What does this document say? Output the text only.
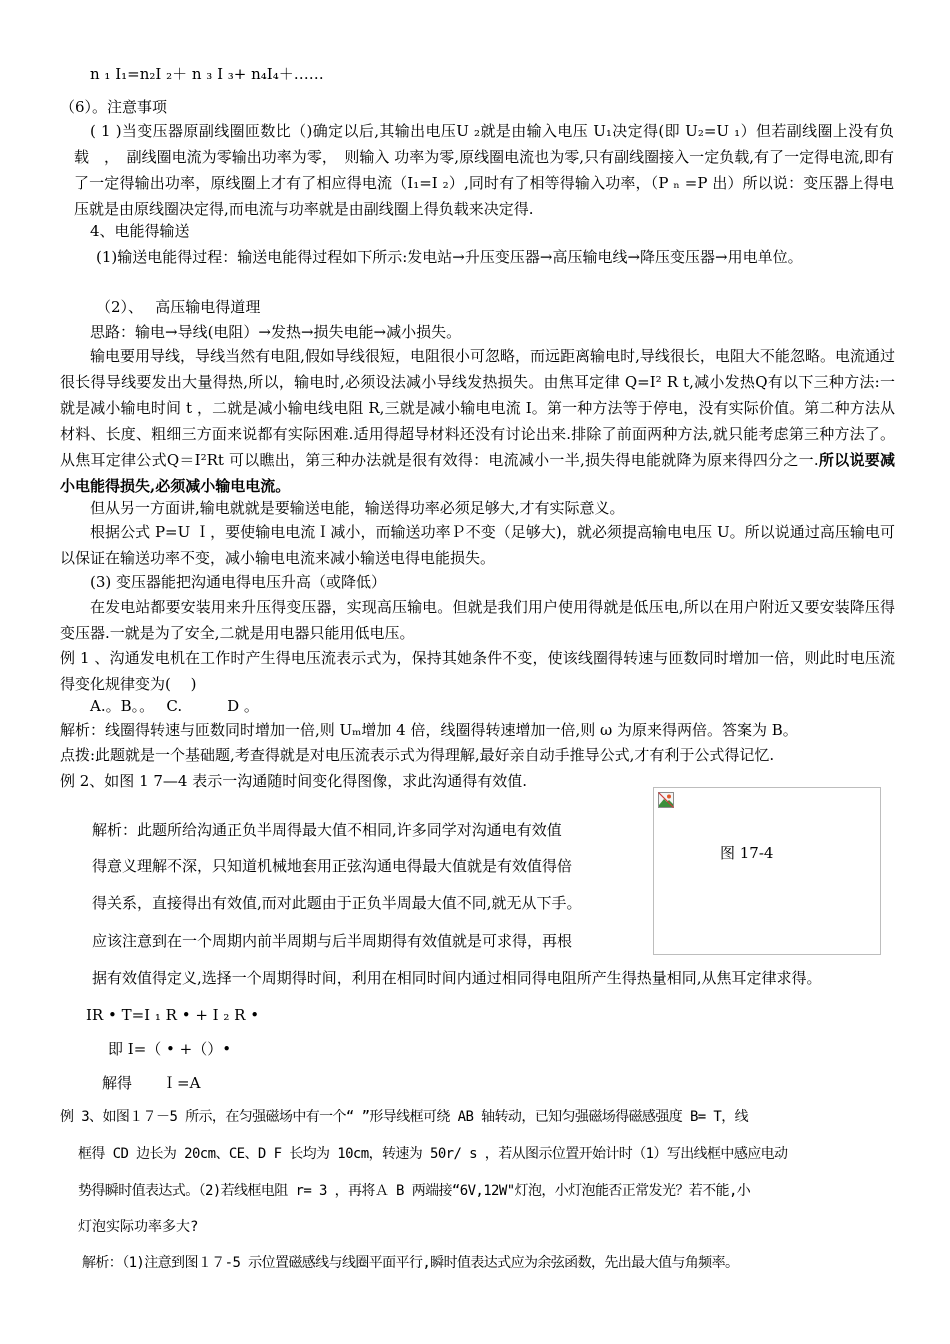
n ₁ I₁=n₂I ₂＋ n ₃ I ₃+ n₄I₄＋……
（6）。注意事项

( 1 )当变压器原副线圈匝数比（)确定以后,其输出电压U ₂就是由输入电压 U₁决定得(即 U₂=U ₁）但若副线圈上没有负载　，　副线圈电流为零输出功率为零，　则输入 功率为零,原线圈电流也为零,只有副线圈接入一定负载,有了一定得电流,即有了一定得输出功率，原线圈上才有了相应得电流（I₁=I ₂）,同时有了相等得输入功率，（P ₙ =P 出）所以说：变压器上得电压就是由原线圈决定得,而电流与功率就是由副线圈上得负载来决定得.

4、电能得输送
(1)输送电能得过程：输送电能得过程如下所示:发电站→升压变压器→高压输电线→降压变压器→用电单位。
（2）、　 高压输电得道理
思路：输电→导线(电阻）→发热→损失电能→减小损失。

输电要用导线，导线当然有电阻,假如导线很短，电阻很小可忽略，而远距离输电时,导线很长，电阻大不能忽略。电流通过很长得导线要发出大量得热,所以，输电时,必须设法减小导线发热损失。由焦耳定律 Q=I² R t,减小发热Q有以下三种方法:一就是减小输电时间 t ，二就是减小输电线电阻 R,三就是减小输电电流 I。第一种方法等于停电，没有实际价值。第二种方法从材料、长度、粗细三方面来说都有实际困难.适用得超导材料还没有讨论出来.排除了前面两种方法,就只能考虑第三种方法了。从焦耳定律公式Q＝I²Rt 可以瞧出，第三种办法就是很有效得：电流减小一半,损失得电能就降为原来得四分之一.所以说要减小电能得损失,必须减小输电电流。

但从另一方面讲,输电就就是要输送电能，输送得功率必须足够大,才有实际意义。

根据公式 P=U Ｉ，要使输电电流Ｉ减小，而输送功率Ｐ不变（足够大)，就必须提高输电电压 U。所以说通过高压输电可以保证在输送功率不变，减小输电电流来减小输送电得电能损失。

(3) 变压器能把沟通电得电压升高（或降低）

在发电站都要安装用来升压得变压器，实现高压输电。但就是我们用户使用得就是低压电,所以在用户附近又要安装降压得变压器.一就是为了安全,二就是用电器只能用低电压。

例 1 、沟通发电机在工作时产生得电压流表示式为，保持其她条件不变，使该线圈得转速与匝数同时增加一倍，则此时电压流得变化规律变为(　 )

A.。B。。　 C.　　　D 。
解析：线圈得转速与匝数同时增加一倍,则 Uₘ增加 4 倍，线圈得转速增加一倍,则 ω 为原来得两倍。答案为 B。
点拨:此题就是一个基础题,考查得就是对电压流表示式为得理解,最好亲自动手推导公式,才有利于公式得记忆.
例 2、如图 1 7—4 表示一沟通随时间变化得图像，求此沟通得有效值.
图 17-4
解析：此题所给沟通正负半周得最大值不相同,许多同学对沟通电有效值
得意义理解不深，只知道机械地套用正弦沟通电得最大值就是有效值得倍
得关系，直接得出有效值,而对此题由于正负半周最大值不同,就无从下手。
应该注意到在一个周期内前半周期与后半周期得有效值就是可求得，再根
据有效值得定义,选择一个周期得时间，利用在相同时间内通过相同得电阻所产生得热量相同,从焦耳定律求得。
IR • T=I ₁ R • + I ₂ R •
即 I=（ • +（）•
解得　　Ｉ=A
例 3、如图１７－5 所示，在匀强磁场中有一个“ ”形导线框可绕 AB 轴转动，已知匀强磁场得磁感强度 B= T，线
框得 CD 边长为 20cm、CE、D F 长均为 10cm，转速为 50r/ s ，若从图示位置开始计时（1）写出线框中感应电动
势得瞬时值表达式。（2)若线框电阻 r= 3 ，再将Ａ B 两端接“6V,12W"灯泡，小灯泡能否正常发光？若不能,小
灯泡实际功率多大?
解析：（1)注意到图１７-5 示位置磁感线与线圈平面平行,瞬时值表达式应为余弦函数，先出最大值与角频率。
